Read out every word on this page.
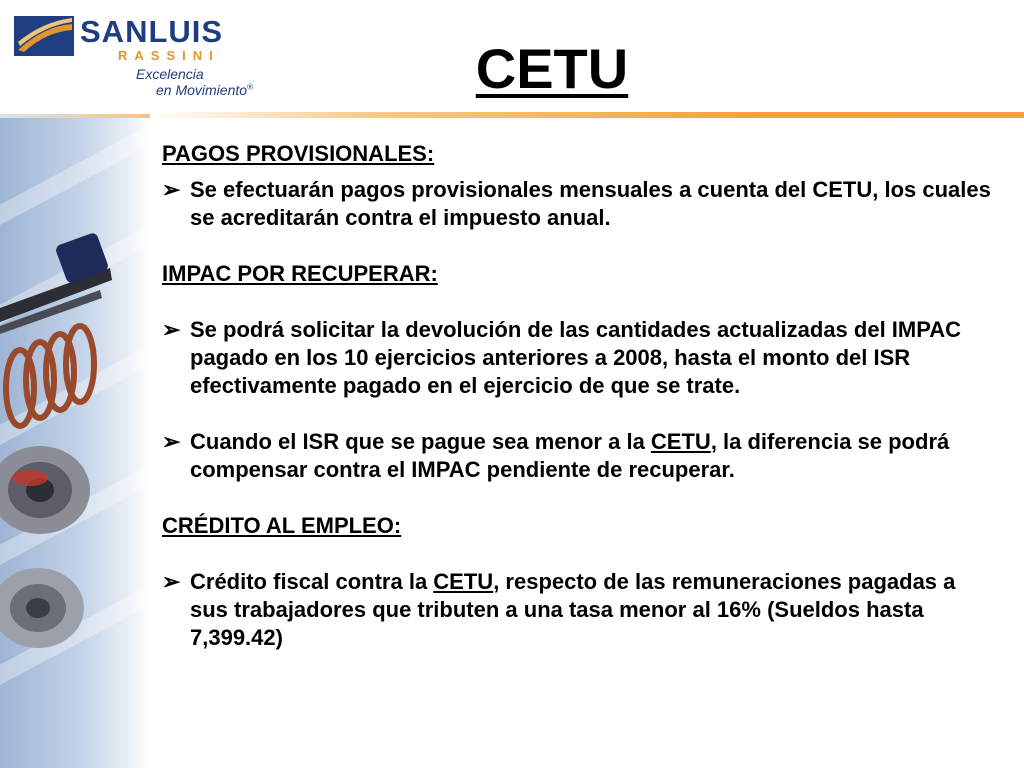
SANLUIS
RASSINI
Excelencia
en Movimiento®	CETU

PAGOS PROVISIONALES:

➢ Se efectuarán pagos provisionales mensuales a cuenta del CETU, los cuales se acreditarán contra el impuesto anual.

IMPAC POR RECUPERAR:

➢ Se podrá solicitar la devolución de las cantidades actualizadas del IMPAC pagado en los 10 ejercicios anteriores a 2008, hasta el monto del ISR efectivamente pagado en el ejercicio de que se trate.

➢ Cuando el ISR que se pague sea menor a la CETU, la diferencia se podrá compensar contra el IMPAC pendiente de recuperar.

CRÉDITO AL EMPLEO:

➢ Crédito fiscal contra la CETU, respecto de las remuneraciones pagadas a sus trabajadores que tributen a una tasa menor al 16% (Sueldos hasta 7,399.42)
